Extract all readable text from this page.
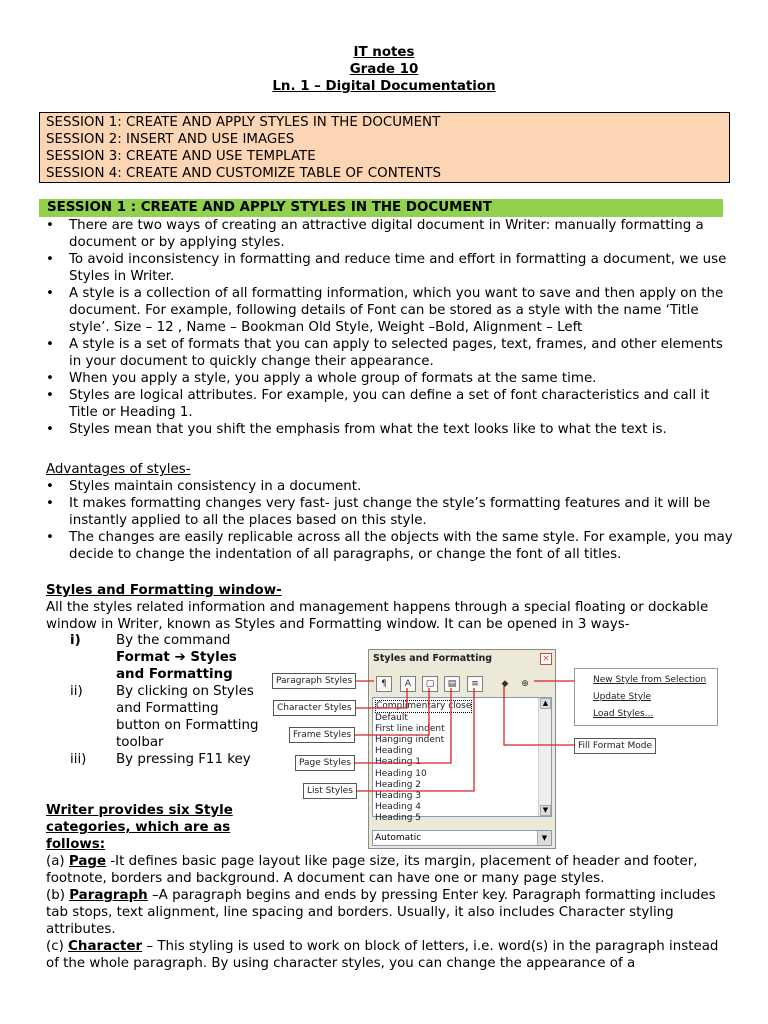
IT notes
Grade 10
Ln. 1 – Digital Documentation
SESSION 1: CREATE AND APPLY STYLES IN THE DOCUMENT
SESSION 2: INSERT AND USE IMAGES
SESSION 3: CREATE AND USE TEMPLATE
SESSION 4: CREATE AND CUSTOMIZE TABLE OF CONTENTS
SESSION 1 : CREATE AND APPLY STYLES IN THE DOCUMENT
• There are two ways of creating an attractive digital document in Writer: manually formatting a document or by applying styles.
• To avoid inconsistency in formatting and reduce time and effort in formatting a document, we use Styles in Writer.
• A style is a collection of all formatting information, which you want to save and then apply on the document. For example, following details of Font can be stored as a style with the name ‘Title style’. Size – 12 , Name – Bookman Old Style, Weight –Bold, Alignment – Left
• A style is a set of formats that you can apply to selected pages, text, frames, and other elements in your document to quickly change their appearance.
• When you apply a style, you apply a whole group of formats at the same time.
• Styles are logical attributes. For example, you can define a set of font characteristics and call it Title or Heading 1.
• Styles mean that you shift the emphasis from what the text looks like to what the text is.
Advantages of styles-
• Styles maintain consistency in a document.
• It makes formatting changes very fast- just change the style’s formatting features and it will be instantly applied to all the places based on this style.
• The changes are easily replicable across all the objects with the same style. For example, you may decide to change the indentation of all paragraphs, or change the font of all titles.
Styles and Formatting window-
All the styles related information and management happens through a special floating or dockable window in Writer, known as Styles and Formatting window. It can be opened in 3 ways-
i)	By the command
Format ➔ Styles
and Formatting
ii)	By clicking on Styles and Formatting button on Formatting toolbar
iii)	By pressing F11 key
Styles and Formatting	×
¶	A	▢	▤	≡	◆	⊕
Complimentary close
Default
First line indent
Hanging indent
Heading
Heading 1
Heading 10
Heading 2
Heading 3
Heading 4
Heading 5
▲
▼
Automatic	▼
Paragraph Styles
Character Styles
Frame Styles
Page Styles
List Styles
Fill Format Mode
New Style from Selection
Update Style
Load Styles...
Writer provides six Style categories, which are as follows:
(a) Page -It defines basic page layout like page size, its margin, placement of header and footer, footnote, borders and background. A document can have one or many page styles.
(b) Paragraph –A paragraph begins and ends by pressing Enter key. Paragraph formatting includes tab stops, text alignment, line spacing and borders. Usually, it also includes Character styling attributes.
(c) Character – This styling is used to work on block of letters, i.e. word(s) in the paragraph instead of the whole paragraph. By using character styles, you can change the appearance of a
